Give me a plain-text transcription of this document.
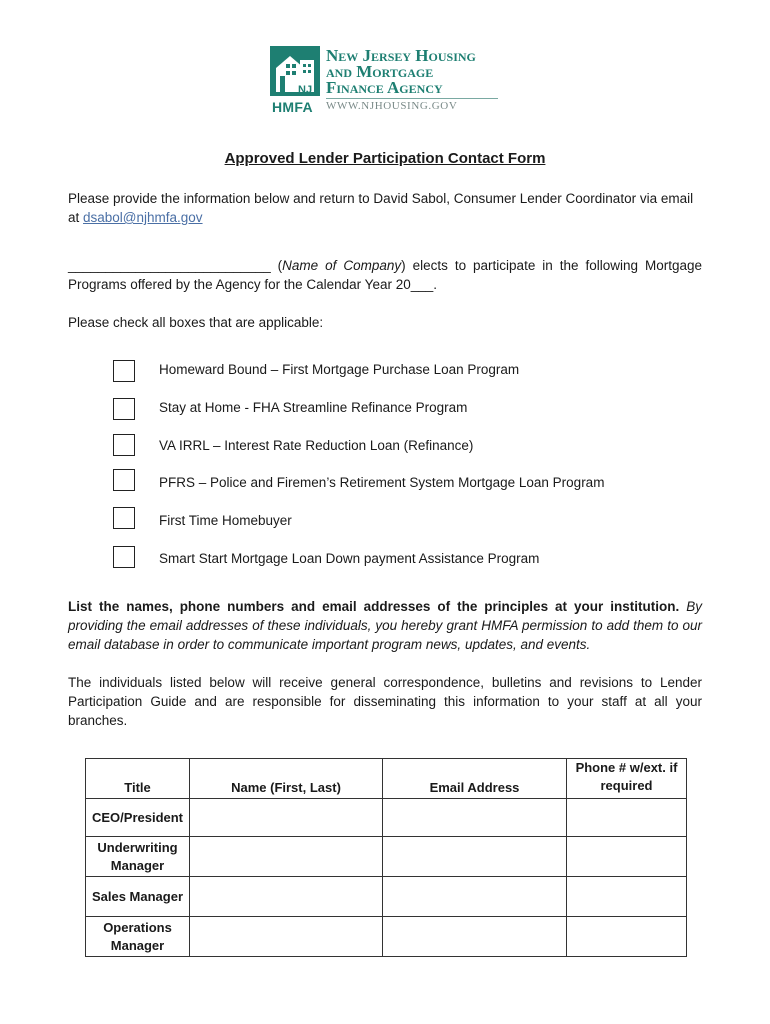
NJ
HMFA
New Jersey Housing
and Mortgage
Finance Agency
WWW.NJHOUSING.GOV
Approved Lender Participation Contact Form
Please provide the information below and return to David Sabol, Consumer Lender Coordinator via email at dsabol@njhmfa.gov
___________________________ (Name of Company) elects to participate in the following Mortgage Programs offered by the Agency for the Calendar Year 20___.
Please check all boxes that are applicable:
Homeward Bound – First Mortgage Purchase Loan Program
Stay at Home - FHA Streamline Refinance Program
VA IRRL – Interest Rate Reduction Loan (Refinance)
PFRS – Police and Firemen’s Retirement System Mortgage Loan Program
First Time Homebuyer
Smart Start Mortgage Loan Down payment Assistance Program
List the names, phone numbers and email addresses of the principles at your institution. By providing the email addresses of these individuals, you hereby grant HMFA permission to add them to our email database in order to communicate important program news, updates, and events.
The individuals listed below will receive general correspondence, bulletins and revisions to Lender Participation Guide and are responsible for disseminating this information to your staff at all your branches.
Title	Name (First, Last)	Email Address	Phone # w/ext. if required
CEO/President			
Underwriting Manager			
Sales Manager			
Operations Manager			
